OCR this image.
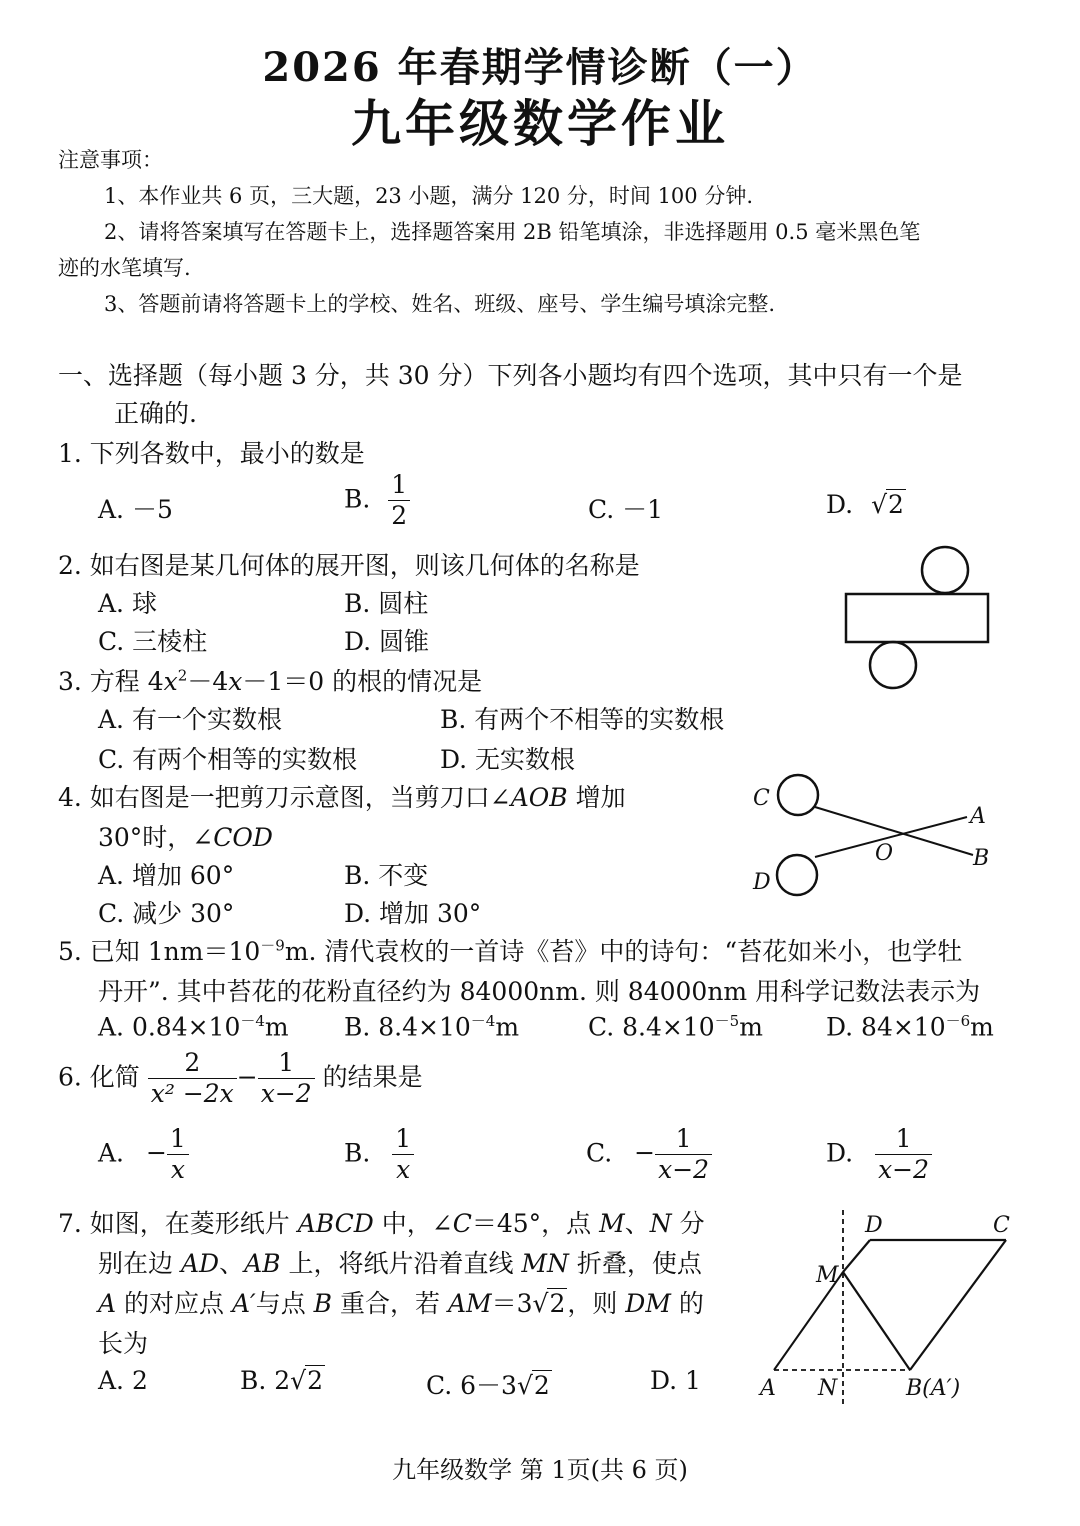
2026 年春期学情诊断（一）
九年级数学作业
注意事项：
1、本作业共 6 页，三大题，23 小题，满分 120 分，时间 100 分钟.
2、请将答案填写在答题卡上，选择题答案用 2B 铅笔填涂，非选择题用 0.5 毫米黑色笔
迹的水笔填写.
3、答题前请将答题卡上的学校、姓名、班级、座号、学生编号填涂完整.
一、选择题（每小题 3 分，共 30 分）下列各小题均有四个选项，其中只有一个是
正确的.
1. 下列各数中，最小的数是
A. －5	B. $\frac{1}{2}$	C. －1	D. √2
2. 如右图是某几何体的展开图，则该几何体的名称是
A. 球	B. 圆柱
C. 三棱柱	D. 圆锥
3. 方程 $4x^2-4x-1=0$ 的根的情况是
A. 有一个实数根	B. 有两个不相等的实数根
C. 有两个相等的实数根	D. 无实数根
4. 如右图是一把剪刀示意图，当剪刀口∠AOB 增加
30°时，∠COD
A. 增加 60°	B. 不变
C. 减少 30°	D. 增加 30°
C
A
O	B
D
5. 已知 $1nm=10^{-9}m$. 清代袁枚的一首诗《苔》中的诗句：“苔花如米小，也学牡
丹开”. 其中苔花的花粉直径约为 84000nm. 则 84000nm 用科学记数法表示为
A. $0.84\times 10^{-4}m$ B. $8.4\times 10^{-4}m$	C. $8.4\times 10^{-5}m$	D. $84\times 10^{-6}m$
6. 化简 $\frac{2}{\text{x² −2x}} - \frac{1}{x-2}$ 的结果是
A. − $\frac{1}{x}$	B. $\frac{1}{x}$	C. − $\frac{1}{x-2}$	D. $\frac{1}{x-2}$
7. 如图，在菱形纸片 ABCD 中，∠C＝45°，点 M、N 分
别在边 AD、AB 上，将纸片沿着直线 MN 折叠，使点
A 的对应点 A′与点 B 重合，若 AM＝3√2，则 DM 的
长为
A. 2	B. 2√2	C. 6－3√2	D. 1
D	C
M
A N	B(A′)
九年级数学 第 1页(共 6 页)
